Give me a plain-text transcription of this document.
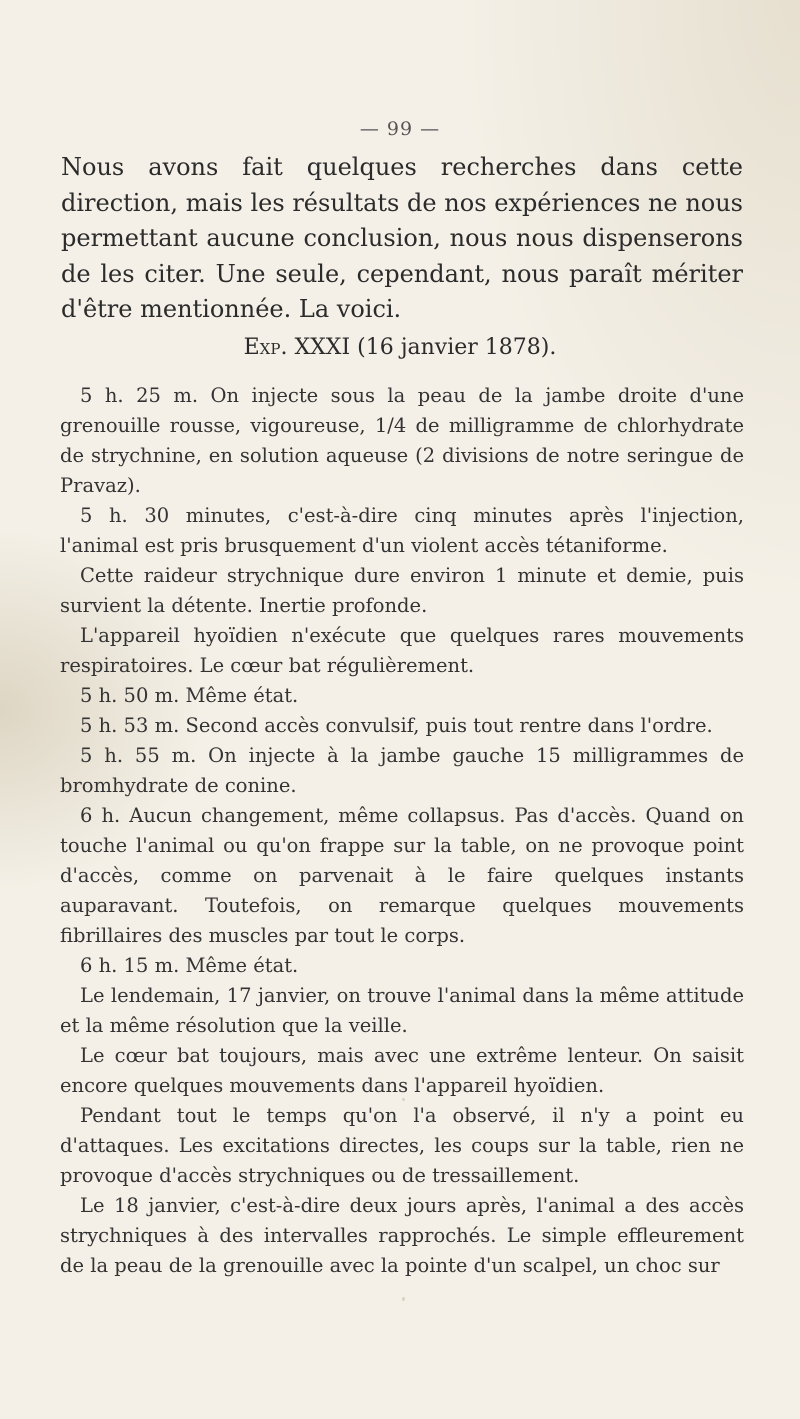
— 99 —

Nous avons fait quelques recherches dans cette direction, mais les résultats de nos expériences ne nous permettant aucune conclusion, nous nous dispenserons de les citer. Une seule, cependant, nous paraît mériter d'être mentionnée. La voici.

Exp. XXXI (16 janvier 1878).

5 h. 25 m. On injecte sous la peau de la jambe droite d'une grenouille rousse, vigoureuse, 1/4 de milligramme de chlorhydrate de strychnine, en solution aqueuse (2 divisions de notre seringue de Pravaz).

5 h. 30 minutes, c'est-à-dire cinq minutes après l'injection, l'animal est pris brusquement d'un violent accès tétaniforme.

Cette raideur strychnique dure environ 1 minute et demie, puis survient la détente. Inertie profonde.

L'appareil hyoïdien n'exécute que quelques rares mouvements respiratoires. Le cœur bat régulièrement.

5 h. 50 m. Même état.

5 h. 53 m. Second accès convulsif, puis tout rentre dans l'ordre.

5 h. 55 m. On injecte à la jambe gauche 15 milligrammes de bromhydrate de conine.

6 h. Aucun changement, même collapsus. Pas d'accès. Quand on touche l'animal ou qu'on frappe sur la table, on ne provoque point d'accès, comme on parvenait à le faire quelques instants auparavant. Toutefois, on remarque quelques mouvements fibrillaires des muscles par tout le corps.

6 h. 15 m. Même état.

Le lendemain, 17 janvier, on trouve l'animal dans la même attitude et la même résolution que la veille.

Le cœur bat toujours, mais avec une extrême lenteur. On saisit encore quelques mouvements dans l'appareil hyoïdien.

Pendant tout le temps qu'on l'a observé, il n'y a point eu d'attaques. Les excitations directes, les coups sur la table, rien ne provoque d'accès strychniques ou de tressaillement.

Le 18 janvier, c'est-à-dire deux jours après, l'animal a des accès strychniques à des intervalles rapprochés. Le simple effleurement de la peau de la grenouille avec la pointe d'un scalpel, un choc sur
